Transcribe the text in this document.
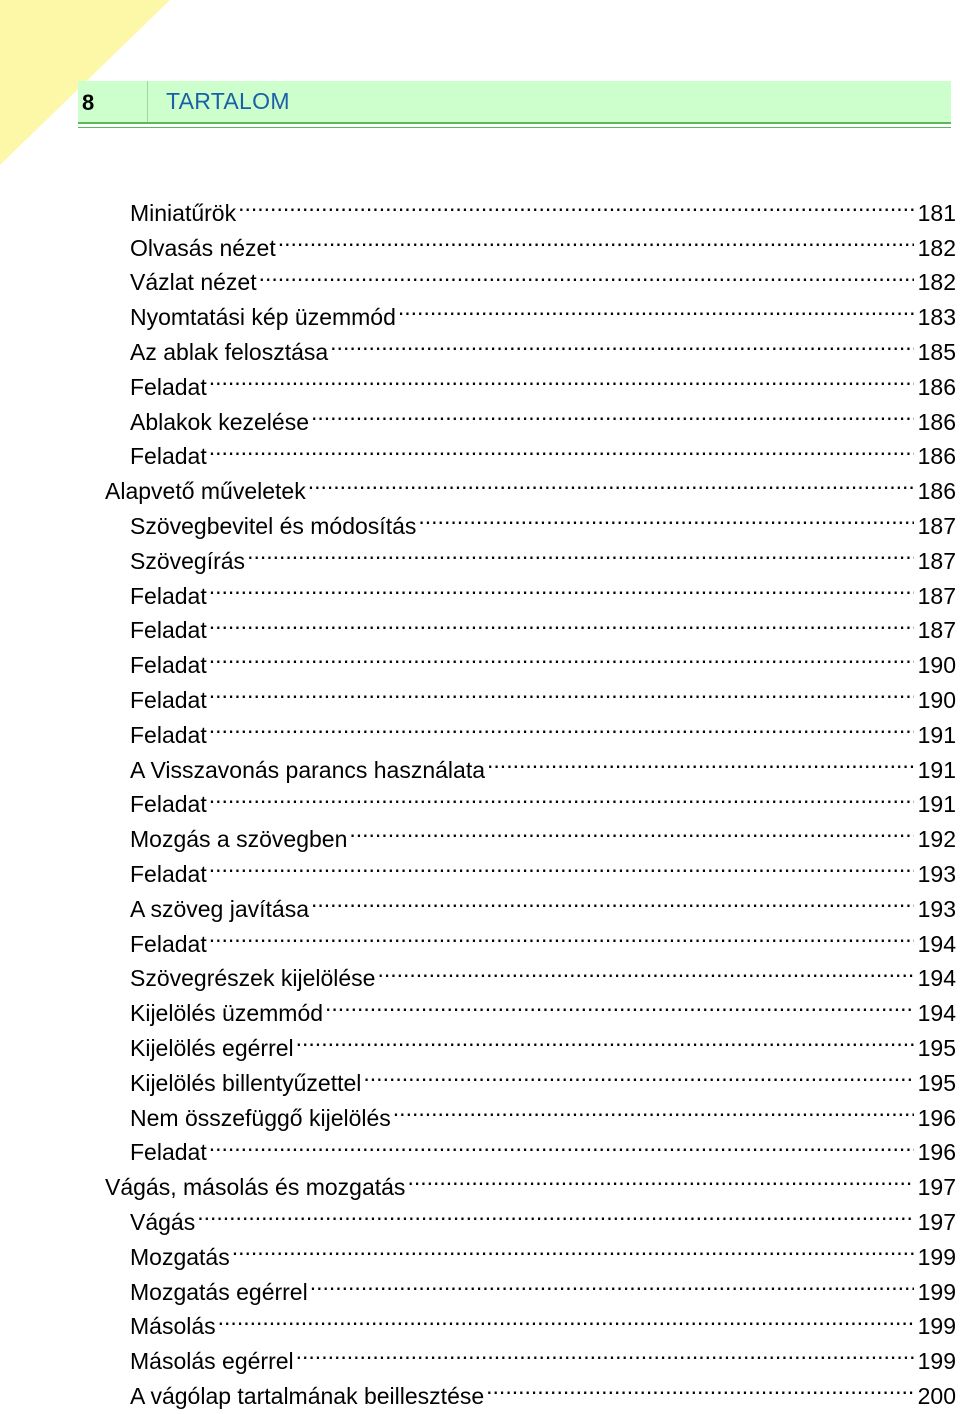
8	TARTALOM
Miniatűrök .....	181
Olvasás nézet .....	182
Vázlat nézet .....	182
Nyomtatási kép üzemmód .....	183
Az ablak felosztása .....	185
Feladat .....	186
Ablakok kezelése .....	186
Feladat .....	186
Alapvető műveletek .....	186
Szövegbevitel és módosítás .....	187
Szövegírás .....	187
Feladat .....	187
Feladat .....	187
Feladat .....	190
Feladat .....	190
Feladat .....	191
A Visszavonás parancs használata .....	191
Feladat .....	191
Mozgás a szövegben .....	192
Feladat .....	193
A szöveg javítása .....	193
Feladat .....	194
Szövegrészek kijelölése .....	194
Kijelölés üzemmód .....	194
Kijelölés egérrel .....	195
Kijelölés billentyűzettel .....	195
Nem összefüggő kijelölés .....	196
Feladat .....	196
Vágás, másolás és mozgatás .....	197
Vágás .....	197
Mozgatás .....	199
Mozgatás egérrel .....	199
Másolás .....	199
Másolás egérrel .....	199
A vágólap tartalmának beillesztése .....	200
